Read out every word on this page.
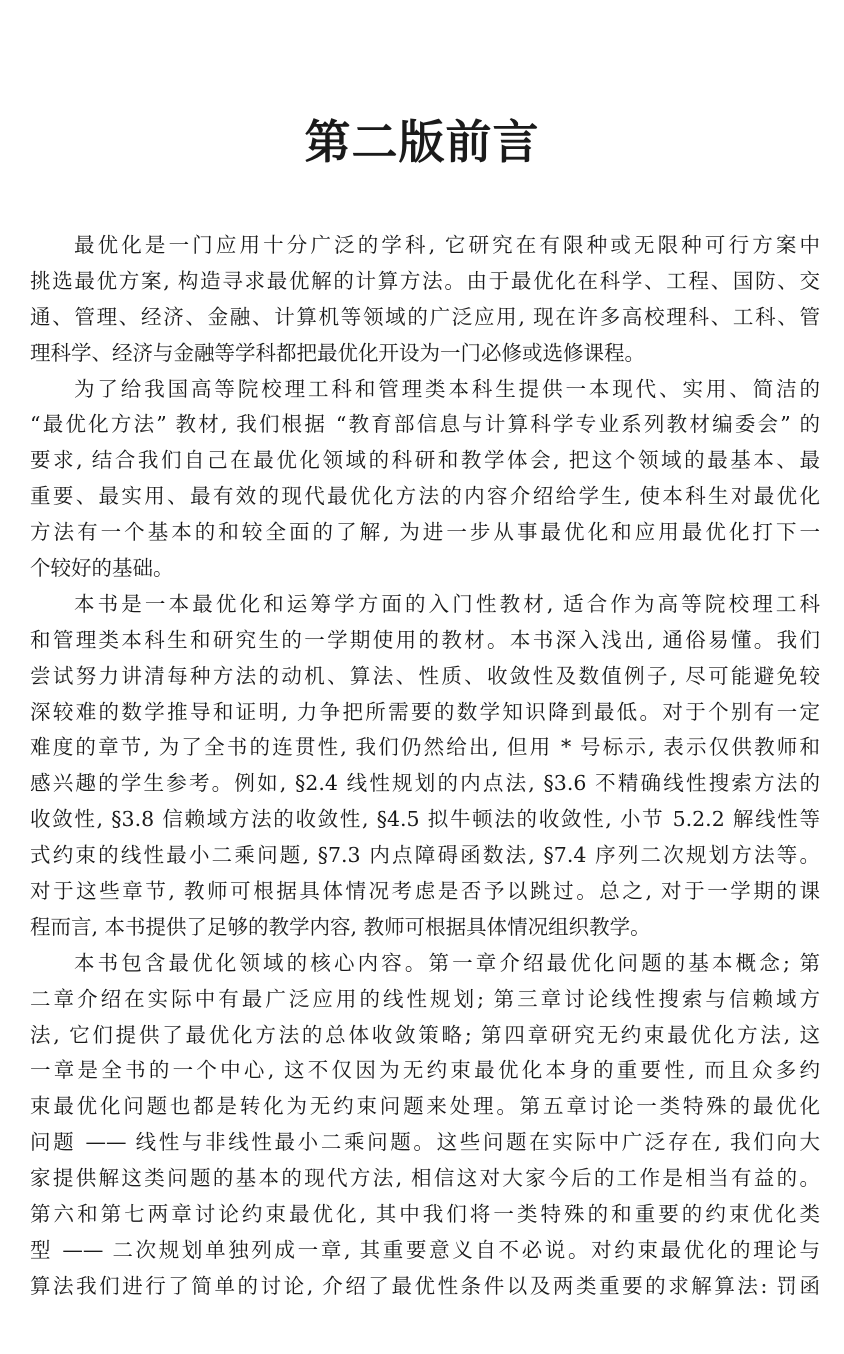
第二版前言
最优化是一门应用十分广泛的学科, 它研究在有限种或无限种可行方案中
挑选最优方案, 构造寻求最优解的计算方法。由于最优化在科学、工程、国防、交
通、管理、经济、金融、计算机等领域的广泛应用, 现在许多高校理科、工科、管
理科学、经济与金融等学科都把最优化开设为一门必修或选修课程。
为了给我国高等院校理工科和管理类本科生提供一本现代、实用、简洁的
“最优化方法” 教材, 我们根据 “教育部信息与计算科学专业系列教材编委会” 的
要求, 结合我们自己在最优化领域的科研和教学体会, 把这个领域的最基本、最
重要、最实用、最有效的现代最优化方法的内容介绍给学生, 使本科生对最优化
方法有一个基本的和较全面的了解, 为进一步从事最优化和应用最优化打下一
个较好的基础。
本书是一本最优化和运筹学方面的入门性教材, 适合作为高等院校理工科
和管理类本科生和研究生的一学期使用的教材。本书深入浅出, 通俗易懂。我们
尝试努力讲清每种方法的动机、算法、性质、收敛性及数值例子, 尽可能避免较
深较难的数学推导和证明, 力争把所需要的数学知识降到最低。对于个别有一定
难度的章节, 为了全书的连贯性, 我们仍然给出, 但用 * 号标示, 表示仅供教师和
感兴趣的学生参考。例如, §2.4 线性规划的内点法, §3.6 不精确线性搜索方法的
收敛性, §3.8 信赖域方法的收敛性, §4.5 拟牛顿法的收敛性, 小节 5.2.2 解线性等
式约束的线性最小二乘问题, §7.3 内点障碍函数法, §7.4 序列二次规划方法等。
对于这些章节, 教师可根据具体情况考虑是否予以跳过。总之, 对于一学期的课
程而言, 本书提供了足够的教学内容, 教师可根据具体情况组织教学。
本书包含最优化领域的核心内容。第一章介绍最优化问题的基本概念; 第
二章介绍在实际中有最广泛应用的线性规划; 第三章讨论线性搜索与信赖域方
法, 它们提供了最优化方法的总体收敛策略; 第四章研究无约束最优化方法, 这
一章是全书的一个中心, 这不仅因为无约束最优化本身的重要性, 而且众多约
束最优化问题也都是转化为无约束问题来处理。第五章讨论一类特殊的最优化
问题 —— 线性与非线性最小二乘问题。这些问题在实际中广泛存在, 我们向大
家提供解这类问题的基本的现代方法, 相信这对大家今后的工作是相当有益的。
第六和第七两章讨论约束最优化, 其中我们将一类特殊的和重要的约束优化类
型 —— 二次规划单独列成一章, 其重要意义自不必说。对约束最优化的理论与
算法我们进行了简单的讨论, 介绍了最优性条件以及两类重要的求解算法: 罚函
